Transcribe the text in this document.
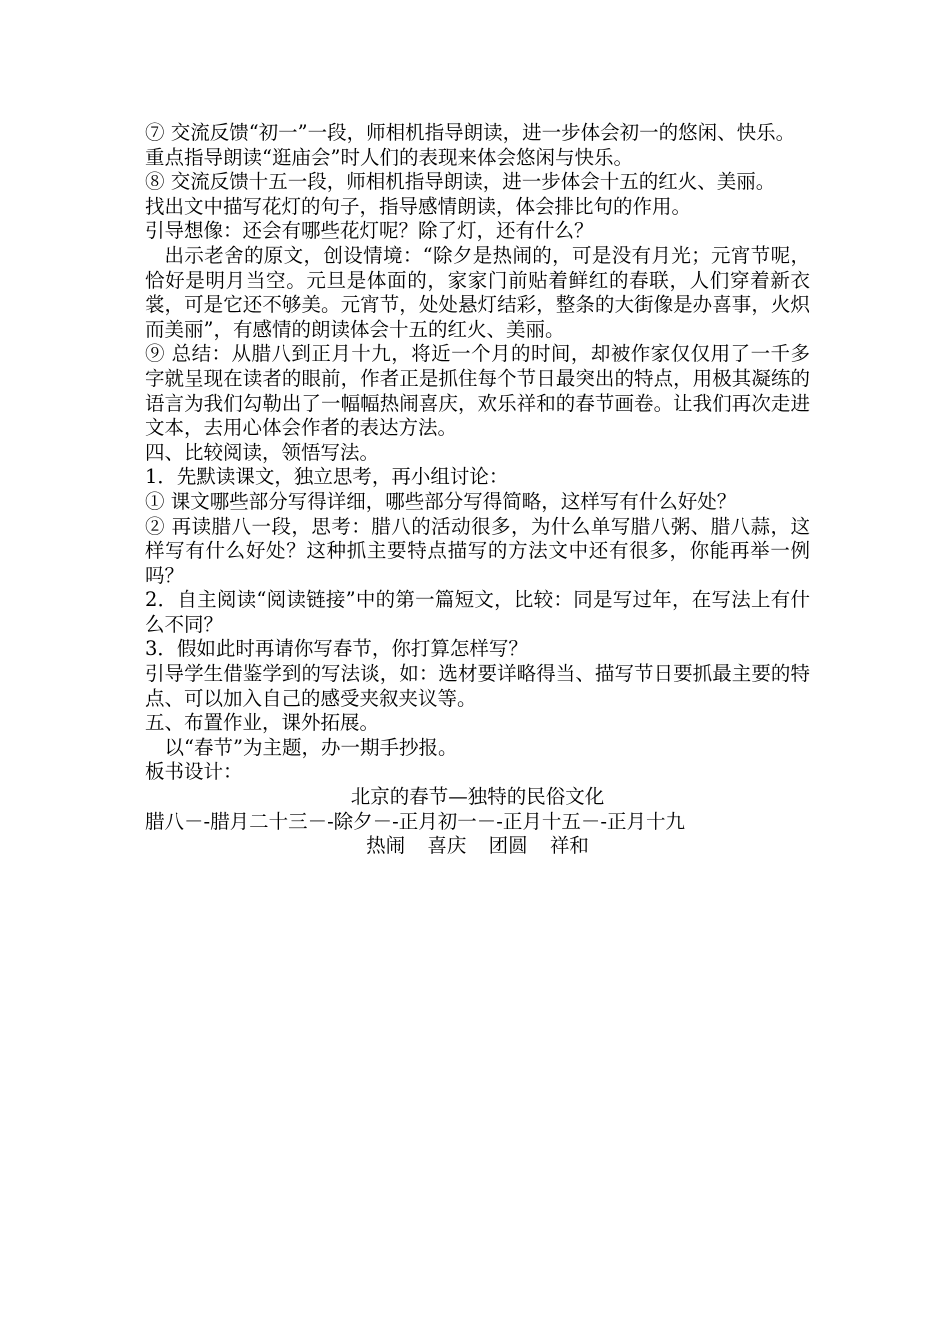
⑦ 交流反馈“初一”一段，师相机指导朗读，进一步体会初一的悠闲、快乐。

重点指导朗读“逛庙会”时人们的表现来体会悠闲与快乐。

⑧ 交流反馈十五一段，师相机指导朗读，进一步体会十五的红火、美丽。

找出文中描写花灯的句子，指导感情朗读，体会排比句的作用。

引导想像：还会有哪些花灯呢？除了灯，还有什么？

出示老舍的原文，创设情境：“除夕是热闹的，可是没有月光；元宵节呢，恰好是明月当空。元旦是体面的，家家门前贴着鲜红的春联，人们穿着新衣裳，可是它还不够美。元宵节，处处悬灯结彩，整条的大街像是办喜事，火炽而美丽”，有感情的朗读体会十五的红火、美丽。

⑨ 总结：从腊八到正月十九，将近一个月的时间，却被作家仅仅用了一千多字就呈现在读者的眼前，作者正是抓住每个节日最突出的特点，用极其凝练的语言为我们勾勒出了一幅幅热闹喜庆，欢乐祥和的春节画卷。让我们再次走进文本，去用心体会作者的表达方法。

四、比较阅读，领悟写法。

1．先默读课文，独立思考，再小组讨论：

① 课文哪些部分写得详细，哪些部分写得简略，这样写有什么好处？

② 再读腊八一段，思考：腊八的活动很多，为什么单写腊八粥、腊八蒜，这样写有什么好处？这种抓主要特点描写的方法文中还有很多，你能再举一例吗？

2．自主阅读“阅读链接”中的第一篇短文，比较：同是写过年，在写法上有什么不同？

3．假如此时再请你写春节，你打算怎样写？

引导学生借鉴学到的写法谈，如：选材要详略得当、描写节日要抓最主要的特点、可以加入自己的感受夹叙夹议等。

五、布置作业，课外拓展。

以“春节”为主题，办一期手抄报。

板书设计：

北京的春节—独特的民俗文化

腊八－-腊月二十三－-除夕－-正月初一－-正月十五－-正月十九

热闹 喜庆 团圆 祥和
